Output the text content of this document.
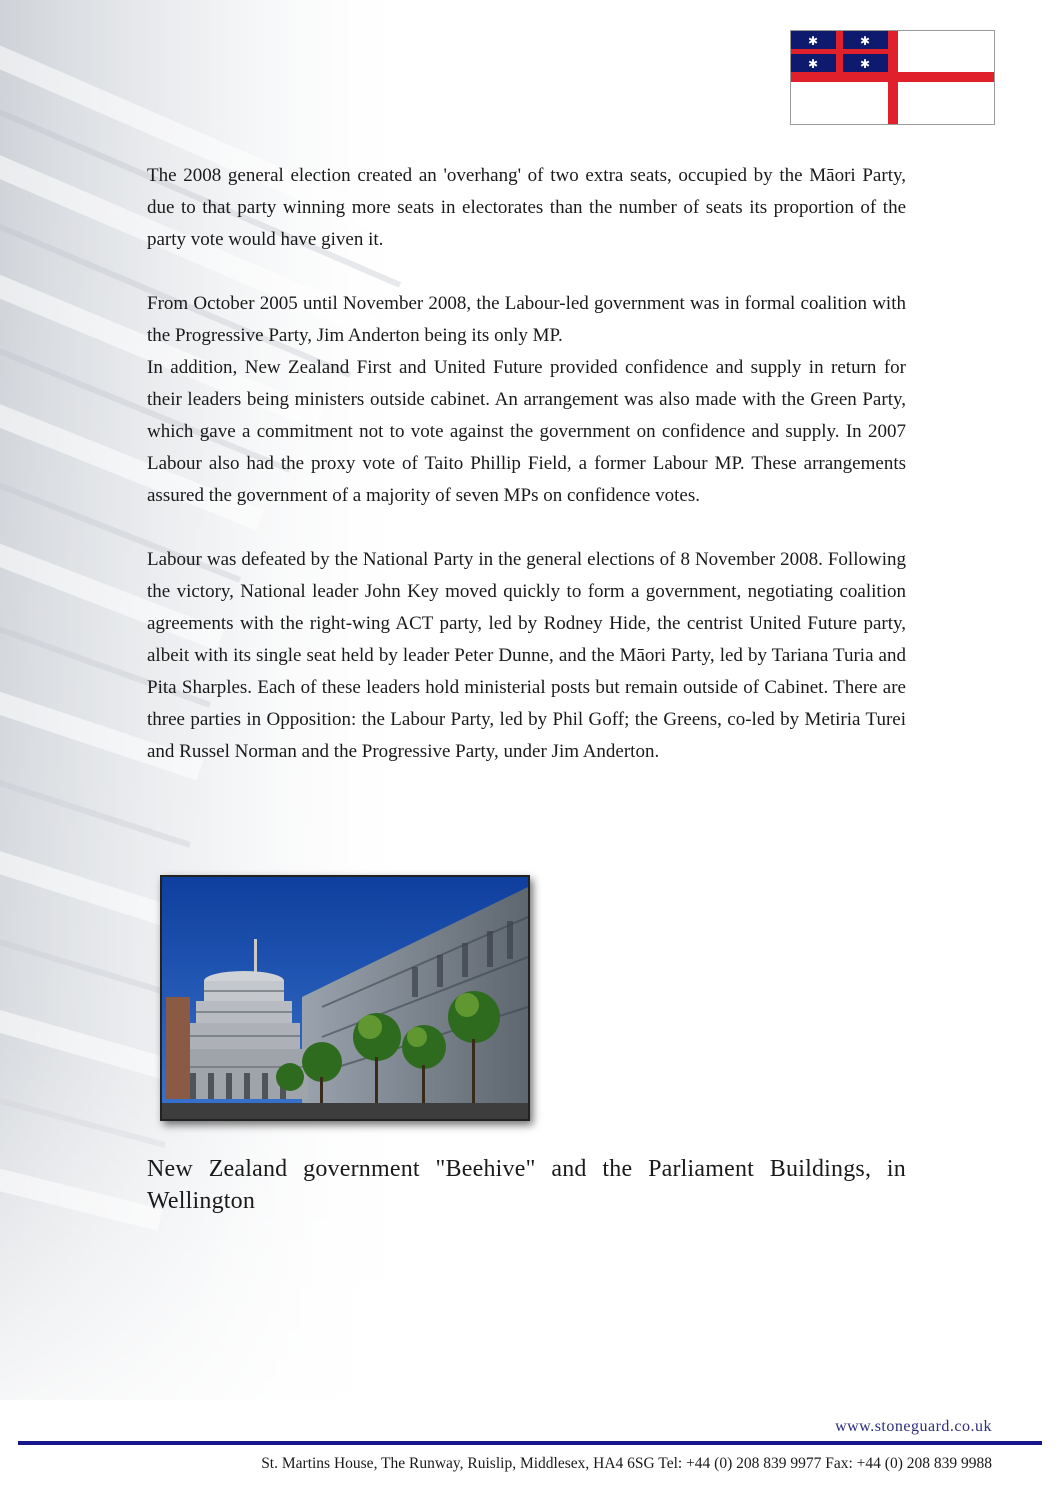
✱	✱
✱	✱

The 2008 general election created an 'overhang' of two extra seats, occupied by the Māori Party, due to that party winning more seats in electorates than the number of seats its proportion of the party vote would have given it.

From October 2005 until November 2008, the Labour-led government was in formal coalition with the Progressive Party, Jim Anderton being its only MP.
In addition, New Zealand First and United Future provided confidence and supply in return for their leaders being ministers outside cabinet. An arrangement was also made with the Green Party, which gave a commitment not to vote against the government on confidence and supply. In 2007 Labour also had the proxy vote of Taito Phillip Field, a former Labour MP. These arrangements assured the government of a majority of seven MPs on confidence votes.

Labour was defeated by the National Party in the general elections of 8 November 2008. Following the victory, National leader John Key moved quickly to form a government, negotiating coalition agreements with the right-wing ACT party, led by Rodney Hide, the centrist United Future party, albeit with its single seat held by leader Peter Dunne, and the Māori Party, led by Tariana Turia and Pita Sharples. Each of these leaders hold ministerial posts but remain outside of Cabinet. There are three parties in Opposition: the Labour Party, led by Phil Goff; the Greens, co-led by Metiria Turei and Russel Norman and the Progressive Party, under Jim Anderton.

New Zealand government "Beehive" and the Parliament Buildings, in Wellington
www.stoneguard.co.uk
St. Martins House, The Runway, Ruislip, Middlesex, HA4 6SG Tel: +44 (0) 208 839 9977 Fax: +44 (0) 208 839 9988
